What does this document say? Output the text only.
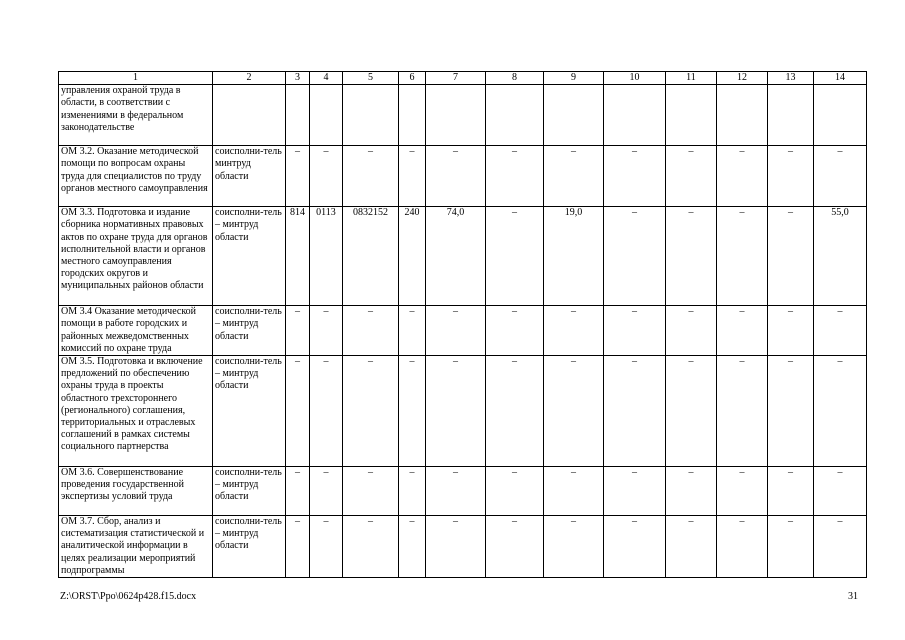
1	2	3	4	5	6	7	8	9	10	11	12	13	14
управления охраной труда в области, в соответствии с изменениями в федеральном законодательстве													
ОМ 3.2. Оказание методической помощи по вопросам охраны труда для специалистов по труду органов местного самоуправления	соисполни-тель минтруд области	–	–	–	–	–	–	–	–	–	–	–	–
ОМ 3.3. Подготовка и издание сборника нормативных правовых актов по охране труда для органов исполнительной власти и органов местного самоуправления городских округов и муниципальных районов области	соисполни-тель – минтруд области	814	0113	0832152	240	74,0	–	19,0	–	–	–	–	55,0
ОМ 3.4 Оказание методической помощи в работе городских и районных межведомственных комиссий по охране труда	соисполни-тель – минтруд области	–	–	–	–	–	–	–	–	–	–	–	–
ОМ 3.5. Подготовка и включение предложений по обеспечению охраны труда в проекты областного трехстороннего (регионального) соглашения, территориальных и отраслевых соглашений в рамках системы социального партнерства	соисполни-тель – минтруд области	–	–	–	–	–	–	–	–	–	–	–	–
ОМ 3.6. Совершенствование проведения государственной экспертизы условий труда	соисполни-тель – минтруд области	–	–	–	–	–	–	–	–	–	–	–	–
ОМ 3.7. Сбор, анализ и систематизация статистической и аналитической информации в целях реализации мероприятий подпрограммы	соисполни-тель – минтруд области	–	–	–	–	–	–	–	–	–	–	–	–
Z:\ORST\Ppo\0624p428.f15.docx	31
